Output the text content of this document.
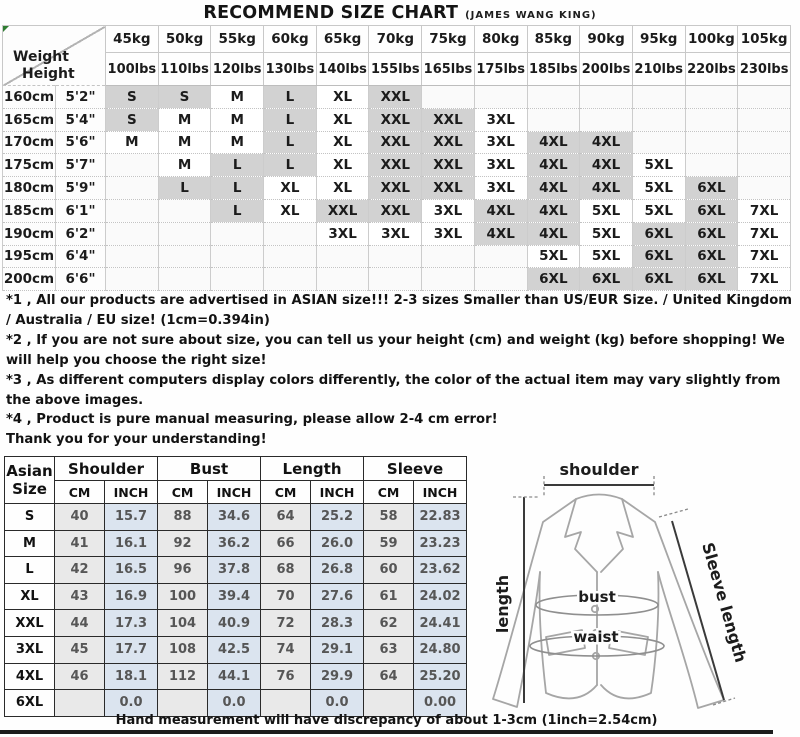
RECOMMEND SIZE CHART (JAMES WANG KING)
Weight
Height		45kg	50kg	55kg	60kg	65kg	70kg	75kg	80kg	85kg	90kg	95kg	100kg	105kg
		100lbs	110lbs	120lbs	130lbs	140lbs	155lbs	165lbs	175lbs	185lbs	200lbs	210lbs	220lbs	230lbs
160cm	5'2"	S	S	M	L	XL	XXL							
165cm	5'4"	S	M	M	L	XL	XXL	XXL	3XL					
170cm	5'6"	M	M	M	L	XL	XXL	XXL	3XL	4XL	4XL			
175cm	5'7"		M	L	L	XL	XXL	XXL	3XL	4XL	4XL	5XL		
180cm	5'9"		L	L	XL	XL	XXL	XXL	3XL	4XL	4XL	5XL	6XL	
185cm	6'1"			L	XL	XXL	XXL	3XL	4XL	4XL	5XL	5XL	6XL	7XL
190cm	6'2"					3XL	3XL	3XL	4XL	4XL	5XL	6XL	6XL	7XL
195cm	6'4"									5XL	5XL	6XL	6XL	7XL
200cm	6'6"									6XL	6XL	6XL	6XL	7XL
*1 , All our products are advertised in ASIAN size!!! 2-3 sizes Smaller than US/EUR Size. / United Kingdom
/ Australia / EU size! (1cm=0.394in)
*2 , If you are not sure about size, you can tell us your height (cm) and weight (kg) before shopping! We
will help you choose the right size!
*3 , As different computers display colors differently, the color of the actual item may vary slightly from
the above images.
*4 , Product is pure manual measuring, please allow 2-4 cm error!
Thank you for your understanding!
Asian
Size	Shoulder		Bust		Length		Sleeve	
	CM	INCH	CM	INCH	CM	INCH	CM	INCH
S	40	15.7	88	34.6	64	25.2	58	22.83
M	41	16.1	92	36.2	66	26.0	59	23.23
L	42	16.5	96	37.8	68	26.8	60	23.62
XL	43	16.9	100	39.4	70	27.6	61	24.02
XXL	44	17.3	104	40.9	72	28.3	62	24.41
3XL	45	17.7	108	42.5	74	29.1	63	24.80
4XL	46	18.1	112	44.1	76	29.9	64	25.20
6XL		0.0		0.0		0.0		0.00
shoulder
length	Sleeve length
bust
waist
Hand measurement will have discrepancy of about 1-3cm (1inch=2.54cm)
